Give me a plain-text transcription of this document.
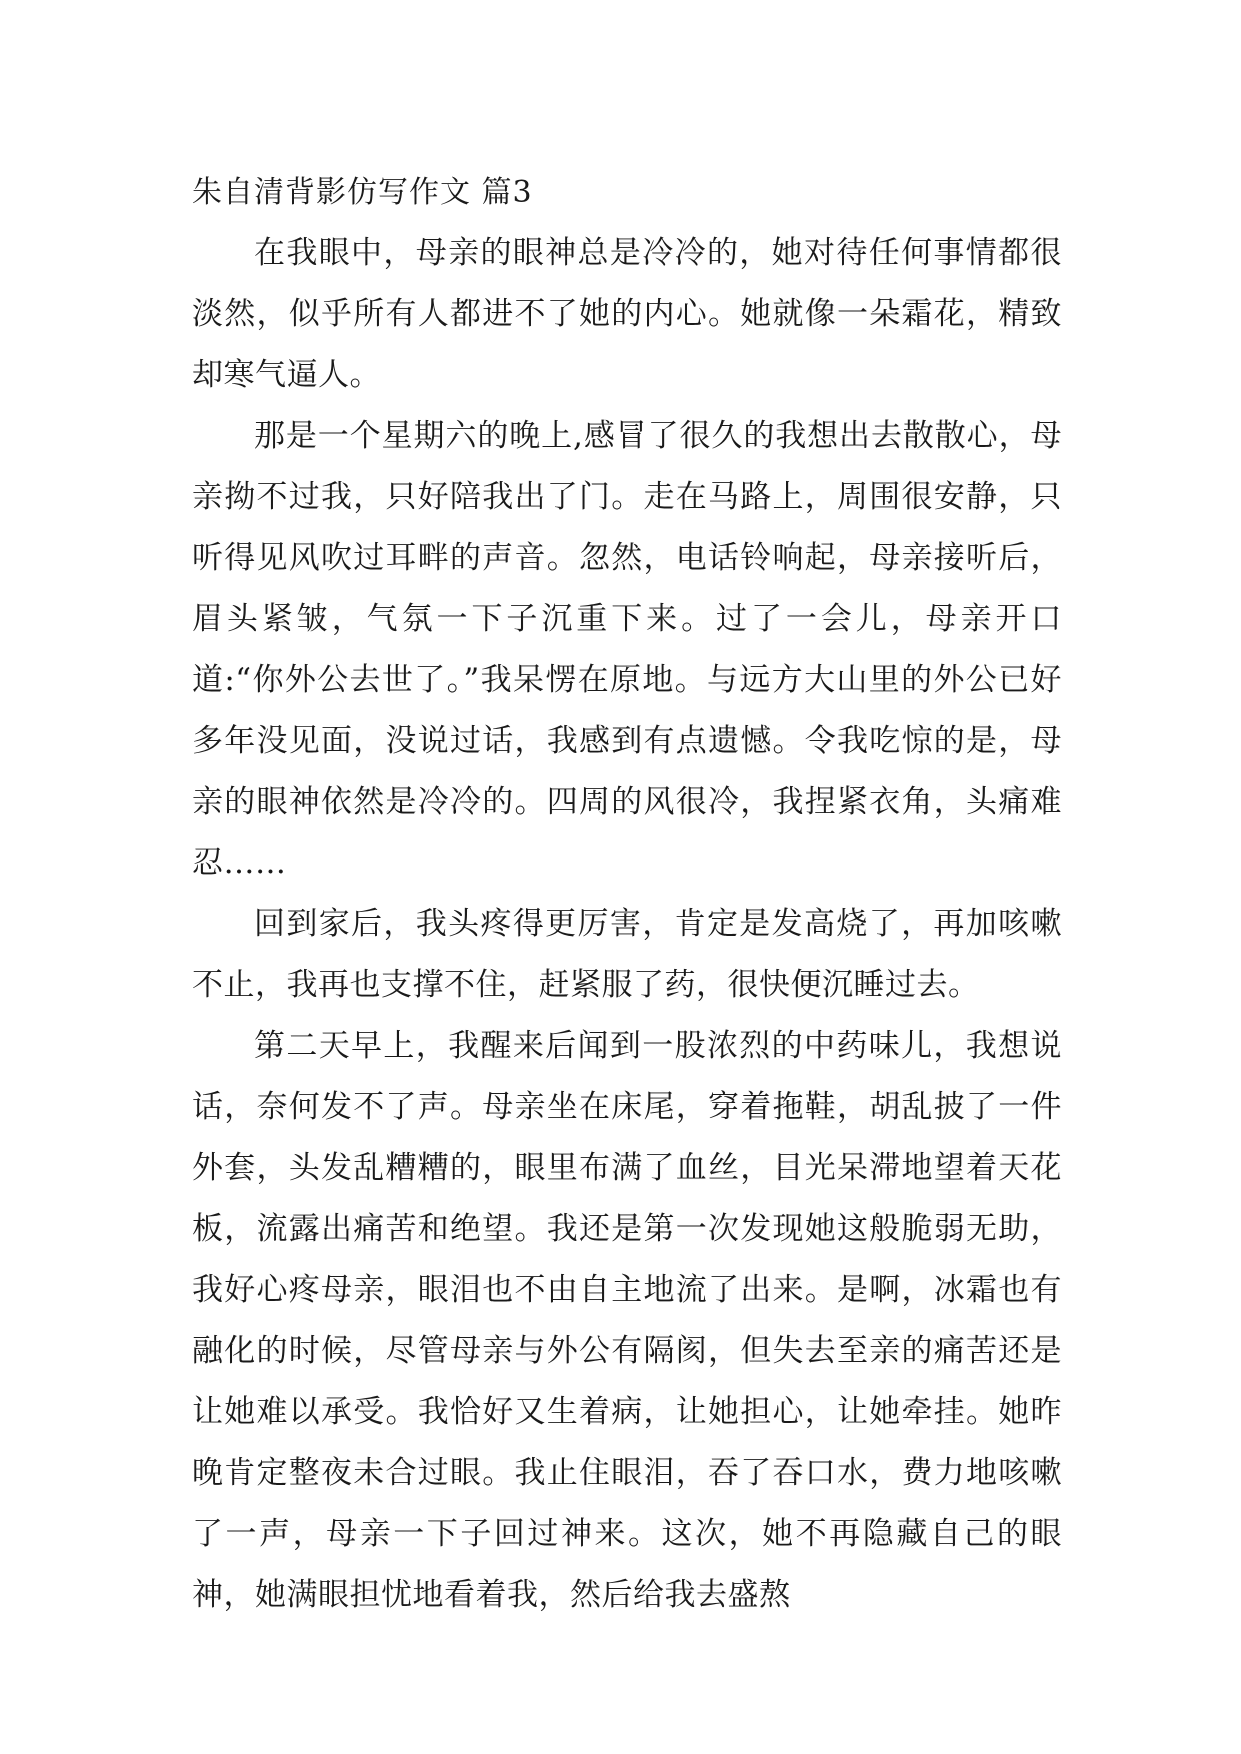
朱自清背影仿写作文 篇3

在我眼中，母亲的眼神总是冷冷的，她对待任何事情都很淡然，似乎所有人都进不了她的内心。她就像一朵霜花，精致却寒气逼人。

那是一个星期六的晚上,感冒了很久的我想出去散散心，母亲拗不过我，只好陪我出了门。走在马路上，周围很安静，只听得见风吹过耳畔的声音。忽然，电话铃响起，母亲接听后，眉头紧皱，气氛一下子沉重下来。过了一会儿，母亲开口道:“你外公去世了。”我呆愣在原地。与远方大山里的外公已好多年没见面，没说过话，我感到有点遗憾。令我吃惊的是，母亲的眼神依然是冷冷的。四周的风很冷，我捏紧衣角，头痛难忍……

回到家后，我头疼得更厉害，肯定是发高烧了，再加咳嗽不止，我再也支撑不住，赶紧服了药，很快便沉睡过去。

第二天早上，我醒来后闻到一股浓烈的中药味儿，我想说话，奈何发不了声。母亲坐在床尾，穿着拖鞋，胡乱披了一件外套，头发乱糟糟的，眼里布满了血丝，目光呆滞地望着天花板，流露出痛苦和绝望。我还是第一次发现她这般脆弱无助，我好心疼母亲，眼泪也不由自主地流了出来。是啊，冰霜也有融化的时候，尽管母亲与外公有隔阂，但失去至亲的痛苦还是让她难以承受。我恰好又生着病，让她担心，让她牵挂。她昨晚肯定整夜未合过眼。我止住眼泪，吞了吞口水，费力地咳嗽了一声，母亲一下子回过神来。这次，她不再隐藏自己的眼神，她满眼担忧地看着我，然后给我去盛熬
